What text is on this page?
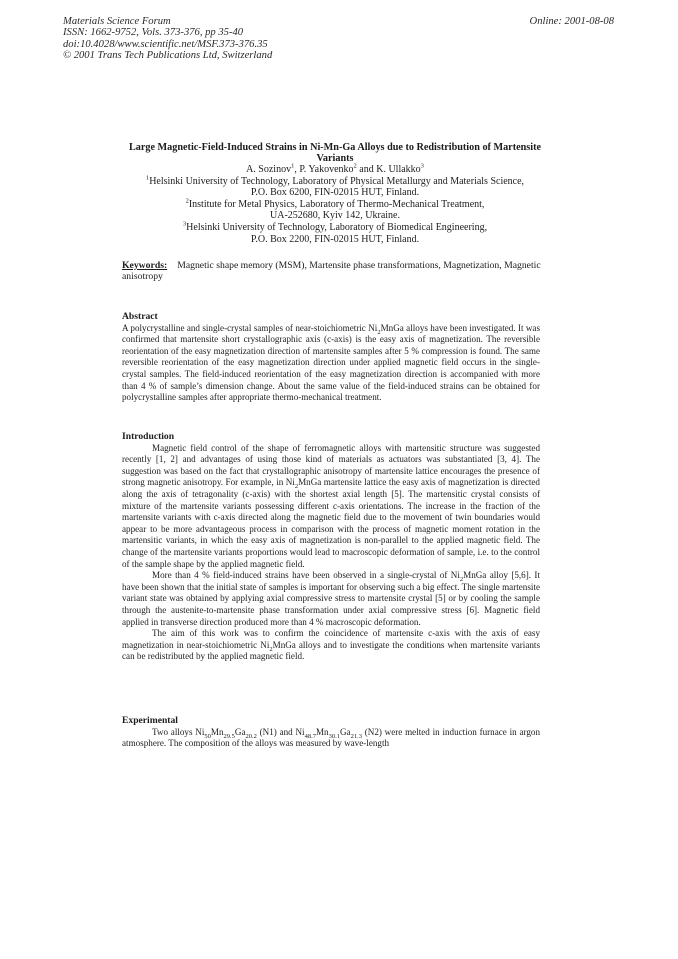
Materials Science Forum
ISSN: 1662-9752, Vols. 373-376, pp 35-40
doi:10.4028/www.scientific.net/MSF.373-376.35
© 2001 Trans Tech Publications Ltd, Switzerland
Online: 2001-08-08
Large Magnetic-Field-Induced Strains in Ni-Mn-Ga Alloys due to Redistribution of Martensite Variants
A. Sozinov$^1$, P. Yakovenko$^2$ and K. Ullakko$^3$
$^1$Helsinki University of Technology, Laboratory of Physical Metallurgy and Materials Science,
P.O. Box 6200, FIN-02015 HUT, Finland.
$^2$Institute for Metal Physics, Laboratory of Thermo-Mechanical Treatment,
UA-252680, Kyiv 142, Ukraine.
$^3$Helsinki University of Technology, Laboratory of Biomedical Engineering,
P.O. Box 2200, FIN-02015 HUT, Finland.
Keywords: Magnetic shape memory (MSM), Martensite phase transformations, Magnetization, Magnetic anisotropy
Abstract

A polycrystalline and single-crystal samples of near-stoichiometric $Ni_2MnGa$ alloys have been investigated. It was confirmed that martensite short crystallographic axis (c-axis) is the easy axis of magnetization. The reversible reorientation of the easy magnetization direction of martensite samples after 5 % compression is found. The same reversible reorientation of the easy magnetization direction under applied magnetic field occurs in the single-crystal samples. The field-induced reorientation of the easy magnetization direction is accompanied with more than 4 % of sample’s dimension change. About the same value of the field-induced strains can be obtained for polycrystalline samples after appropriate thermo-mechanical treatment.

Introduction

Magnetic field control of the shape of ferromagnetic alloys with martensitic structure was suggested recently [1, 2] and advantages of using those kind of materials as actuators was substantiated [3, 4]. The suggestion was based on the fact that crystallographic anisotropy of martensite lattice encourages the presence of strong magnetic anisotropy. For example, in $Ni_2MnGa$ martensite lattice the easy axis of magnetization is directed along the axis of tetragonality (c-axis) with the shortest axial length [5]. The martensitic crystal consists of mixture of the martensite variants possessing different c-axis orientations. The increase in the fraction of the martensite variants with c-axis directed along the magnetic field due to the movement of twin boundaries would appear to be more advantageous process in comparison with the process of magnetic moment rotation in the martensitic variants, in which the easy axis of magnetization is non-parallel to the applied magnetic field. The change of the martensite variants proportions would lead to macroscopic deformation of sample, i.e. to the control of the sample shape by the applied magnetic field.

More than 4 % field-induced strains have been observed in a single-crystal of $Ni_2MnGa$ alloy [5,6]. It have been shown that the initial state of samples is important for observing such a big effect. The single martensite variant state was obtained by applying axial compressive stress to martensite crystal [5] or by cooling the sample through the austenite-to-martensite phase transformation under axial compressive stress [6]. Magnetic field applied in transverse direction produced more than 4 % macroscopic deformation.

The aim of this work was to confirm the coincidence of martensite c-axis with the axis of easy magnetization in near-stoichiometric $Ni_2MnGa$ alloys and to investigate the conditions when martensite variants can be redistributed by the applied magnetic field.

Experimental

Two alloys $Ni_{50}Mn_{29.5}Ga_{20.2}$ (N1) and $Ni_{48.7}Mn_{30.1}Ga_{21.3}$ (N2) were melted in induction furnace in argon atmosphere. The composition of the alloys was measured by wave-length
